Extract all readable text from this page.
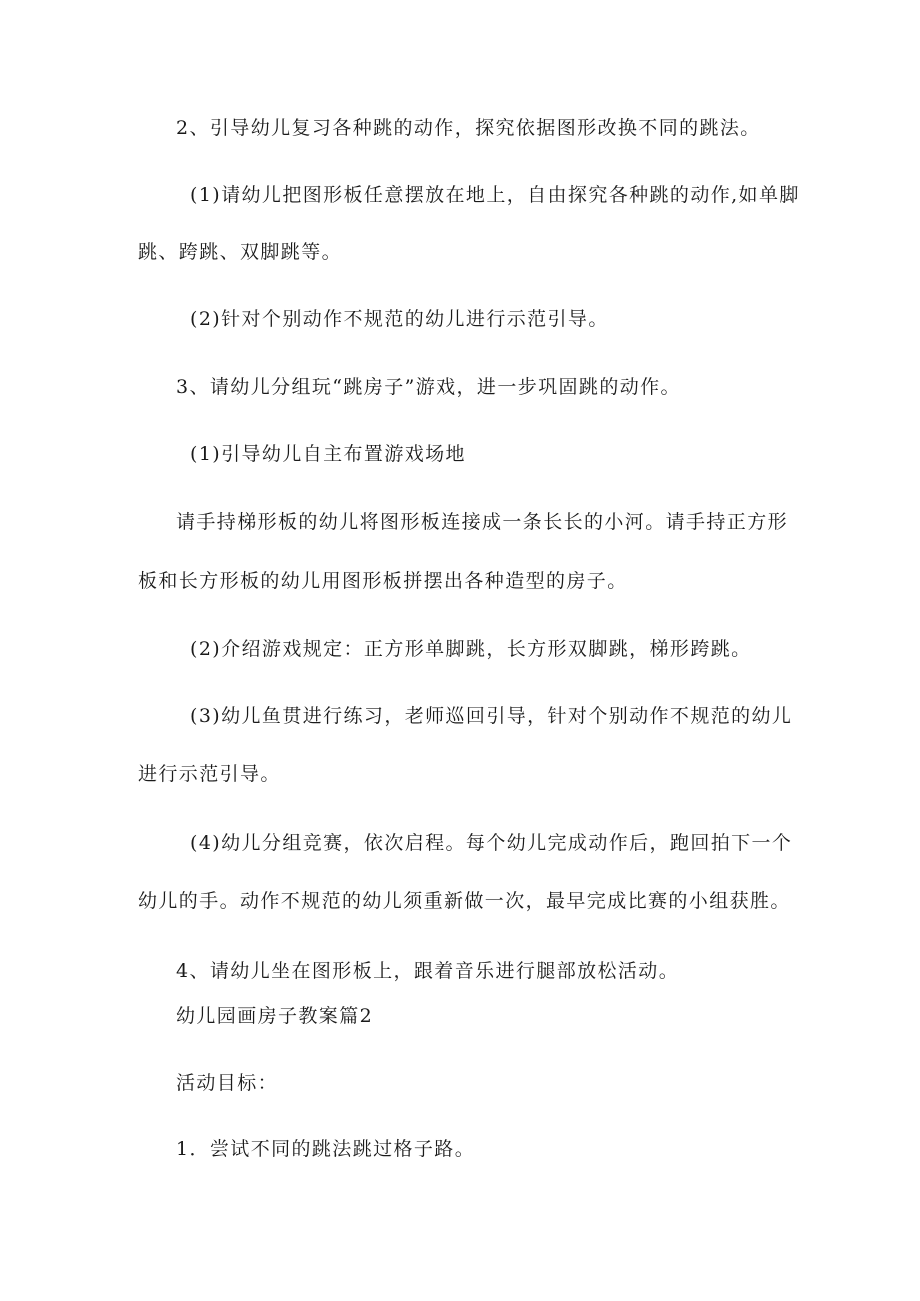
2、引导幼儿复习各种跳的动作，探究依据图形改换不同的跳法。
(1)请幼儿把图形板任意摆放在地上，自由探究各种跳的动作,如单脚
跳、跨跳、双脚跳等。
(2)针对个别动作不规范的幼儿进行示范引导。
3、请幼儿分组玩“跳房子”游戏，进一步巩固跳的动作。
(1)引导幼儿自主布置游戏场地
请手持梯形板的幼儿将图形板连接成一条长长的小河。请手持正方形
板和长方形板的幼儿用图形板拼摆出各种造型的房子。
(2)介绍游戏规定：正方形单脚跳，长方形双脚跳，梯形跨跳。
(3)幼儿鱼贯进行练习，老师巡回引导，针对个别动作不规范的幼儿
进行示范引导。
(4)幼儿分组竞赛，依次启程。每个幼儿完成动作后，跑回拍下一个
幼儿的手。动作不规范的幼儿须重新做一次，最早完成比赛的小组获胜。
4、请幼儿坐在图形板上，跟着音乐进行腿部放松活动。
幼儿园画房子教案篇2
活动目标：
1．尝试不同的跳法跳过格子路。
